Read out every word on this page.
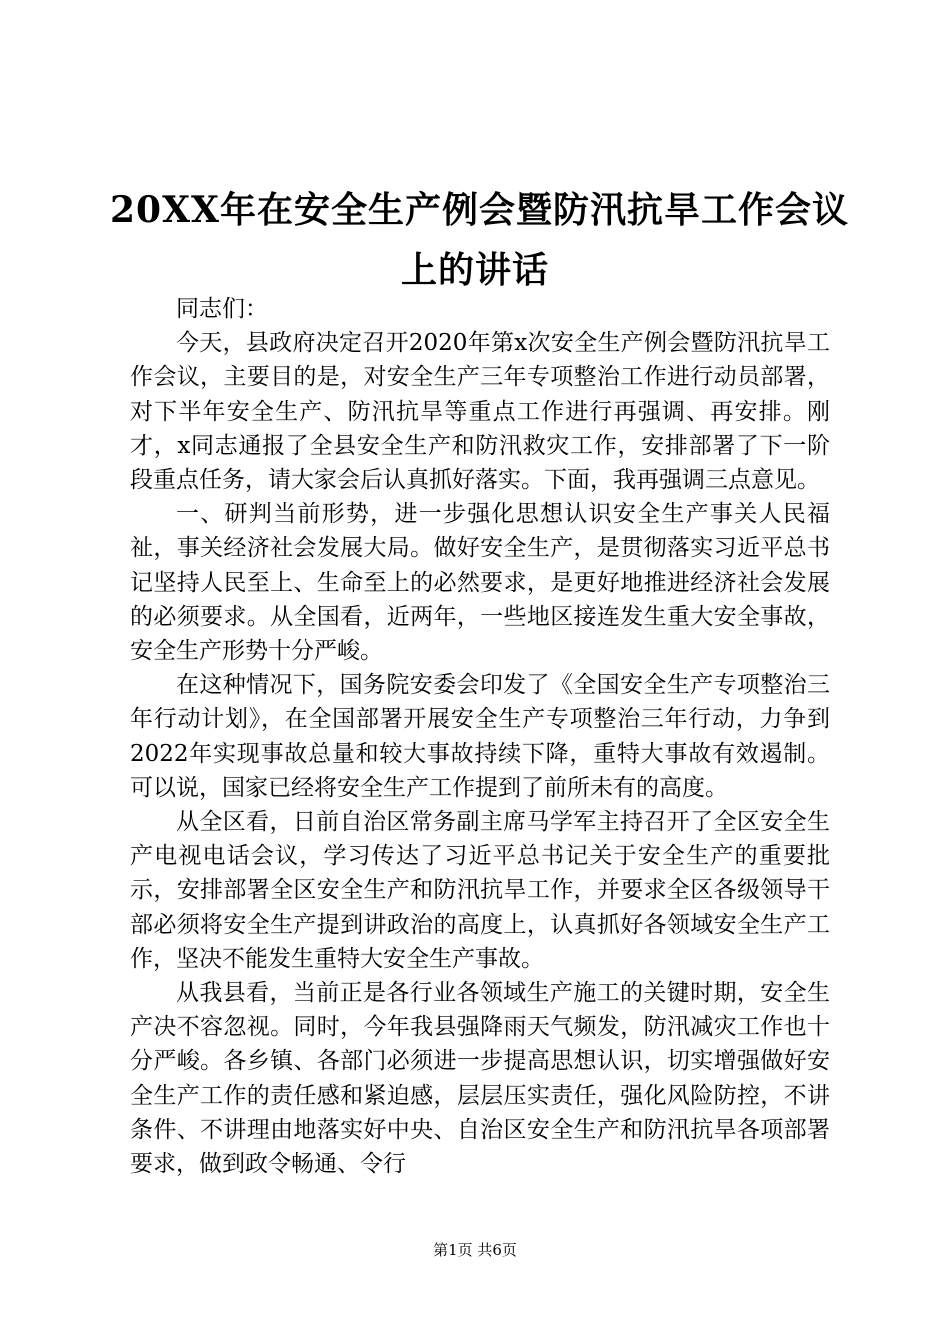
20XX年在安全生产例会暨防汛抗旱工作会议
上的讲话

同志们：

今天，县政府决定召开2020年第x次安全生产例会暨防汛抗旱工作会议，主要目的是，对安全生产三年专项整治工作进行动员部署，对下半年安全生产、防汛抗旱等重点工作进行再强调、再安排。刚才，x同志通报了全县安全生产和防汛救灾工作，安排部署了下一阶段重点任务，请大家会后认真抓好落实。下面，我再强调三点意见。

一、研判当前形势，进一步强化思想认识安全生产事关人民福祉，事关经济社会发展大局。做好安全生产，是贯彻落实习近平总书记坚持人民至上、生命至上的必然要求，是更好地推进经济社会发展的必须要求。从全国看，近两年，一些地区接连发生重大安全事故，安全生产形势十分严峻。

在这种情况下，国务院安委会印发了《全国安全生产专项整治三年行动计划》，在全国部署开展安全生产专项整治三年行动，力争到2022年实现事故总量和较大事故持续下降，重特大事故有效遏制。可以说，国家已经将安全生产工作提到了前所未有的高度。

从全区看，日前自治区常务副主席马学军主持召开了全区安全生产电视电话会议，学习传达了习近平总书记关于安全生产的重要批示，安排部署全区安全生产和防汛抗旱工作，并要求全区各级领导干部必须将安全生产提到讲政治的高度上，认真抓好各领域安全生产工作，坚决不能发生重特大安全生产事故。

从我县看，当前正是各行业各领域生产施工的关键时期，安全生产决不容忽视。同时，今年我县强降雨天气频发，防汛减灾工作也十分严峻。各乡镇、各部门必须进一步提高思想认识，切实增强做好安全生产工作的责任感和紧迫感，层层压实责任，强化风险防控，不讲条件、不讲理由地落实好中央、自治区安全生产和防汛抗旱各项部署要求，做到政令畅通、令行

第1页 共6页
